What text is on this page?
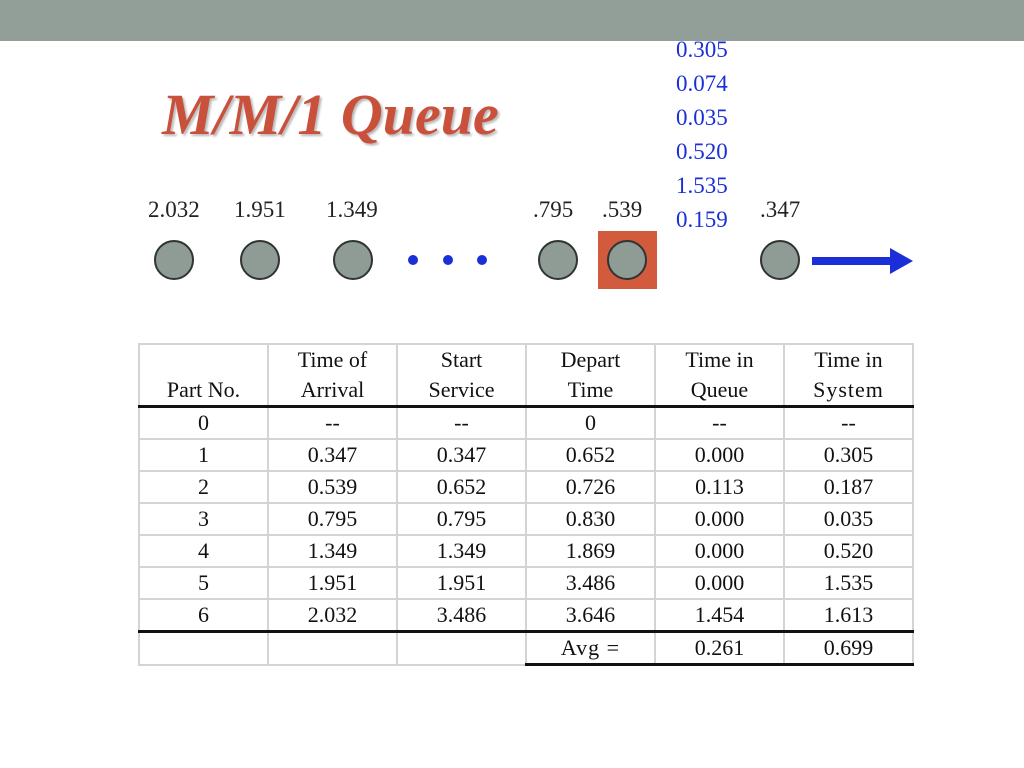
M/M/1 Queue
0.305
0.074
0.035
0.520
1.535
0.159
2.032 1.951 1.349	.795 .539	.347
	Time of	Start	Depart	Time in	Time in
Part No.	Arrival	Service	Time	Queue	System
0	--	--	0	--	--
1	0.347	0.347	0.652	0.000	0.305
2	0.539	0.652	0.726	0.113	0.187
3	0.795	0.795	0.830	0.000	0.035
4	1.349	1.349	1.869	0.000	0.520
5	1.951	1.951	3.486	0.000	1.535
6	2.032	3.486	3.646	1.454	1.613
			Avg =	0.261	0.699
